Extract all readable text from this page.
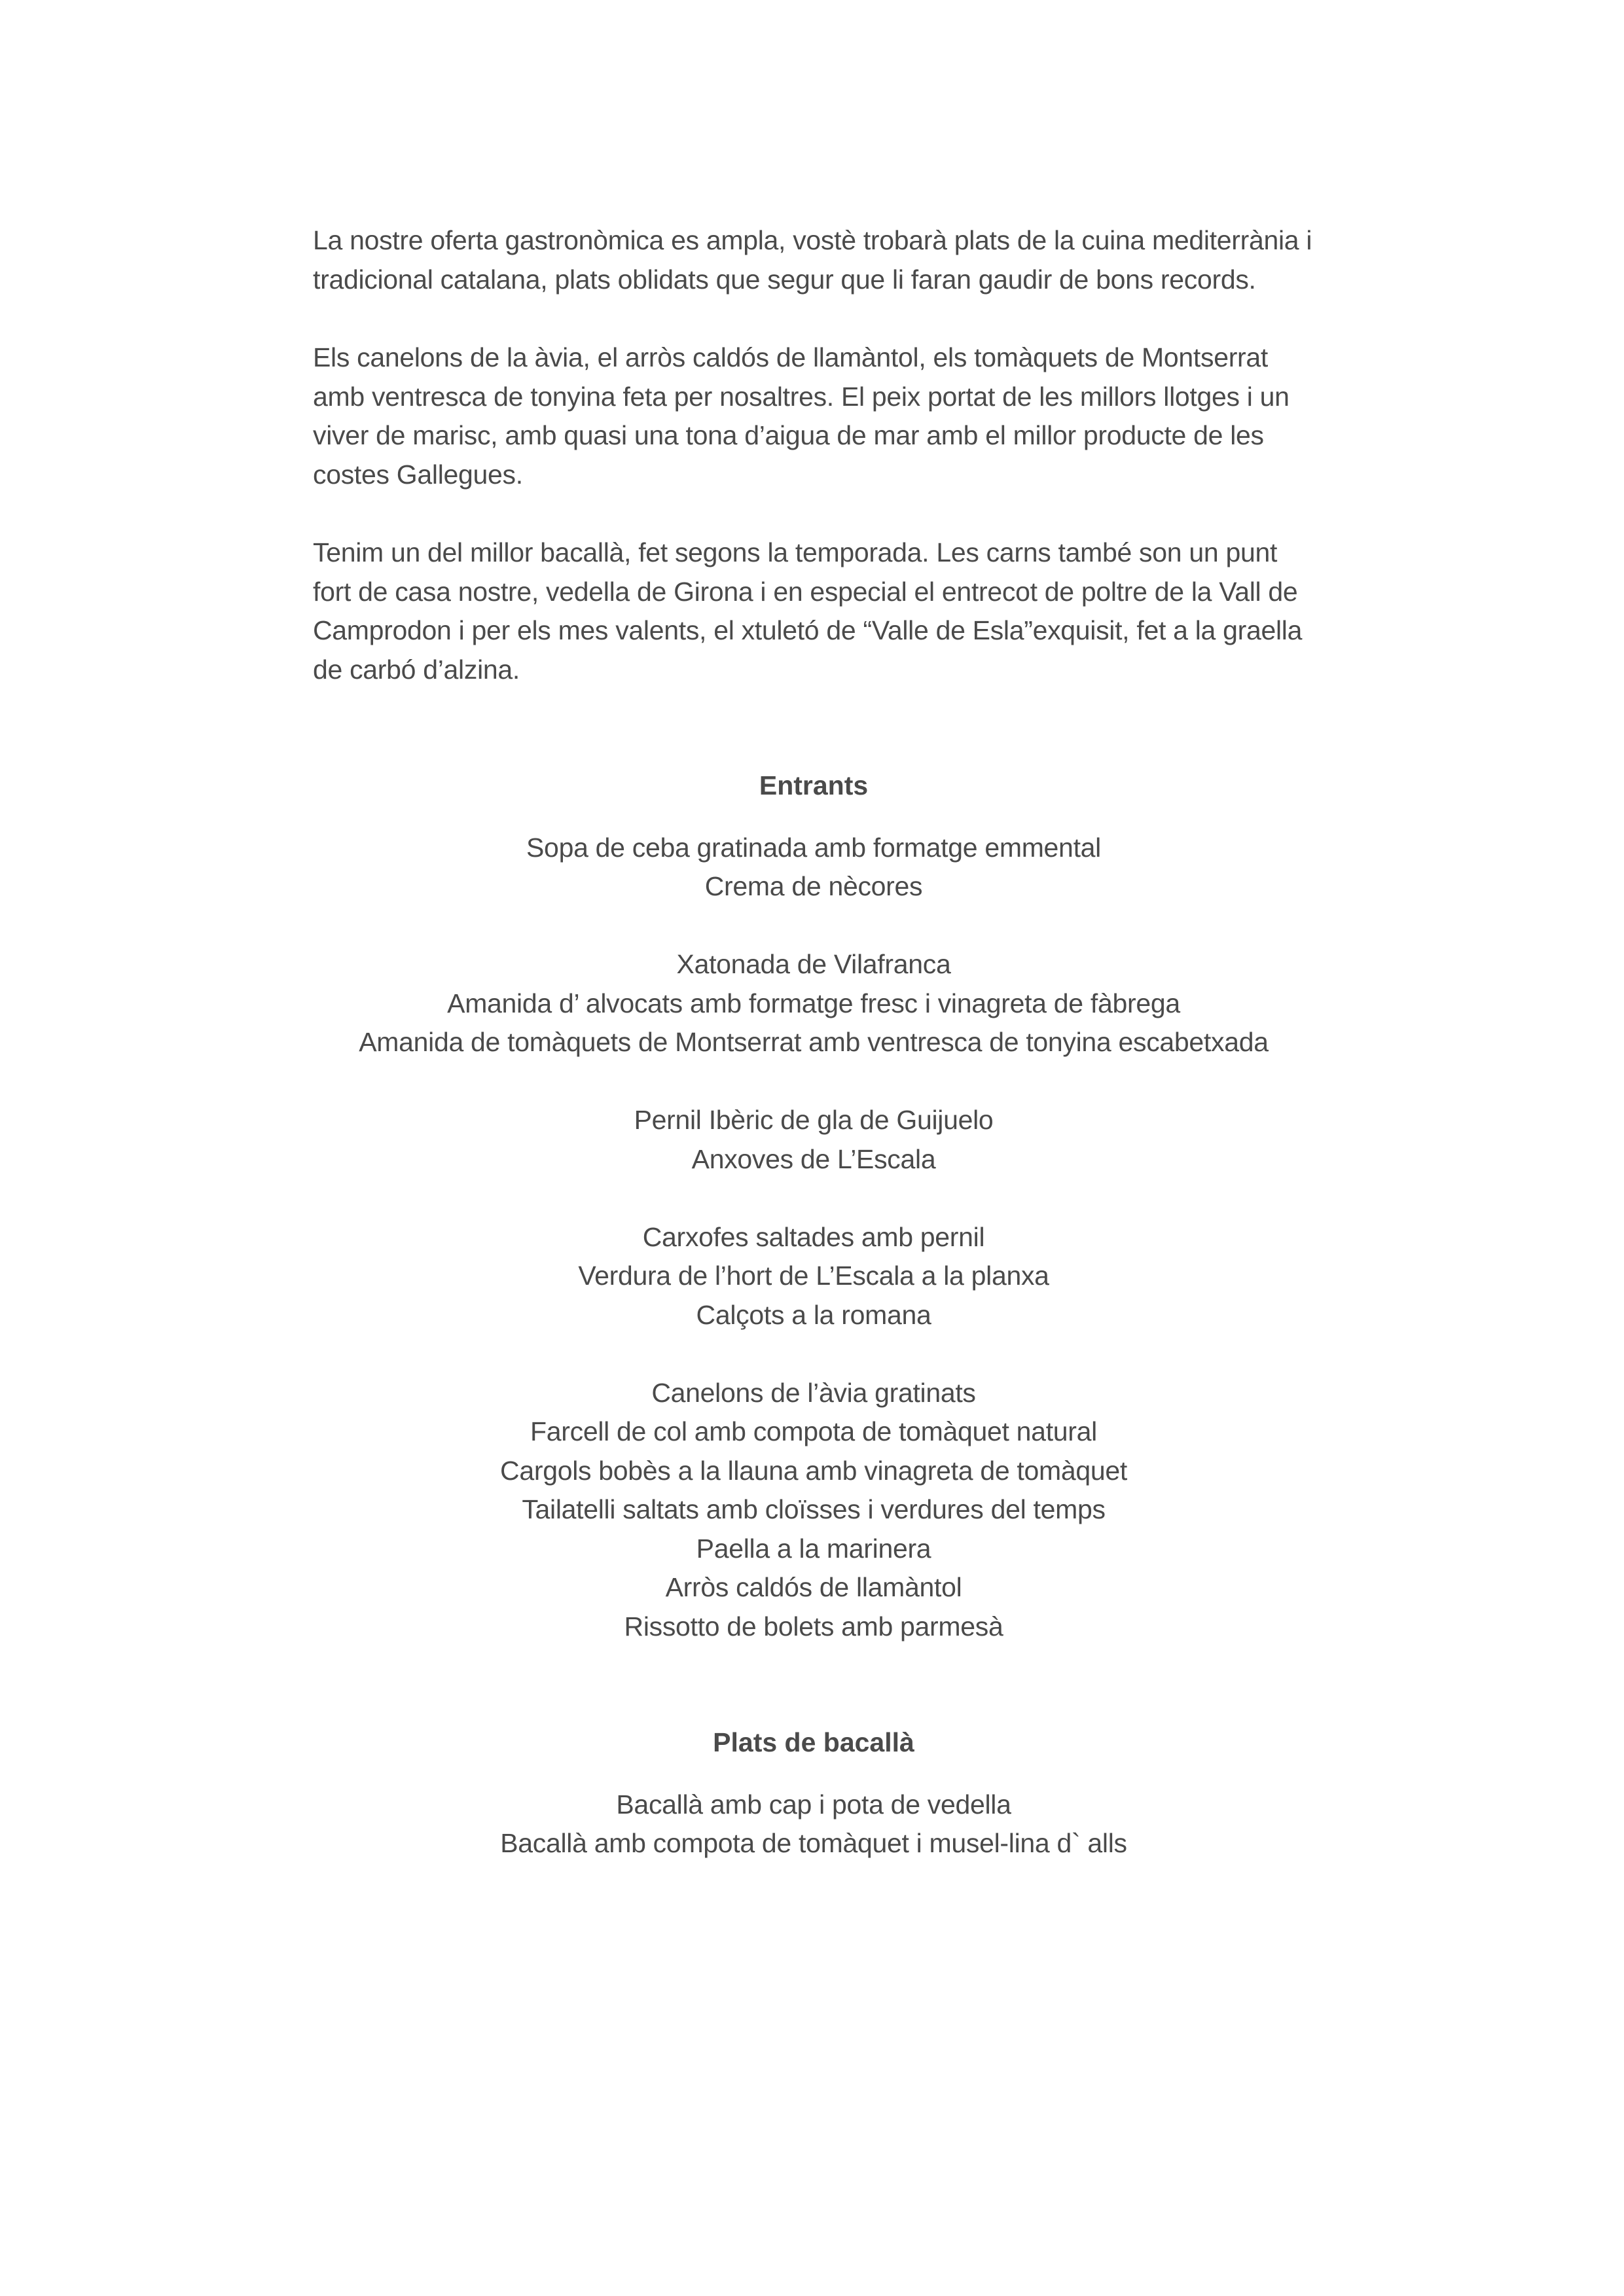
La nostre oferta gastronòmica es ampla, vostè trobarà plats de la cuina mediterrània i tradicional catalana, plats oblidats que segur que li faran gaudir de bons records.

Els canelons de la àvia, el arròs caldós de llamàntol, els tomàquets de Montserrat amb ventresca de tonyina feta per nosaltres. El peix portat de les millors llotges i un viver de marisc, amb quasi una tona d’aigua de mar amb el millor producte de les costes Gallegues.

Tenim un del millor bacallà, fet segons la temporada. Les carns també son un punt fort de casa nostre, vedella de Girona i en especial el entrecot de poltre de la Vall de Camprodon i per els mes valents, el xtuletó de “Valle de Esla”exquisit, fet a la graella de carbó d’alzina.

Entrants
Sopa de ceba gratinada amb formatge emmental
Crema de nècores
Xatonada de Vilafranca
Amanida d’ alvocats amb formatge fresc i vinagreta de fàbrega
Amanida de tomàquets de Montserrat amb ventresca de tonyina escabetxada
Pernil Ibèric de gla de Guijuelo
Anxoves de L’Escala
Carxofes saltades amb pernil
Verdura de l’hort de L’Escala a la planxa
Calçots a la romana
Canelons de l’àvia gratinats
Farcell de col amb compota de tomàquet natural
Cargols bobès a la llauna amb vinagreta de tomàquet
Tailatelli saltats amb cloïsses i verdures del temps
Paella a la marinera
Arròs caldós de llamàntol
Rissotto de bolets amb parmesà
Plats de bacallà
Bacallà amb cap i pota de vedella
Bacallà amb compota de tomàquet i musel-lina d` alls
